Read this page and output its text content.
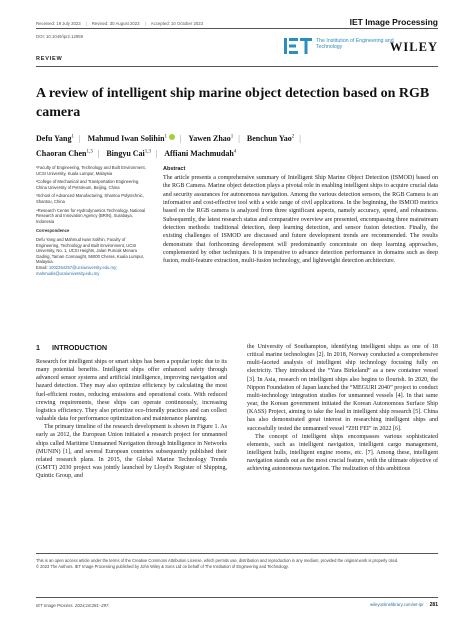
Received: 19 July 2023 | Revised: 30 August 2023 | Accepted: 10 October 2023	IET Image Processing
DOI: 10.1049/ipr2.12959
The Institution of Engineering and Technology	WILEY
REVIEW
A review of intelligent ship marine object detection based on RGB camera
Defu Yang$^1$ | Mahmud Iwan Solihin$^1$ | Yawen Zhao$^1$ | Benchun Yao$^2$ |
Chaoran Chen$^{1,3}$ | Bingyu Cai$^{1,3}$ | Affiani Machmudah$^4$

¹Faculty of Engineering, Technology and Built Environment, UCSI University, Kuala Lumpur, Malaysia

²College of Mechanical and Transportation Engineering, China University of Petroleum, Beijing, China

³School of Advanced Manufacturing, Shantou Polytechnic, Shantou, China

⁴Research Center for Hydrodynamics Technology, National Research and Innovation Agency (BRIN), Surabaya, Indonesia

Correspondence

Defu Yang and Mahmud Iwan Solihin, Faculty of Engineering, Technology and Built Environment, UCSI University, No. 1, UCSI Heights, Jalan Puncak Menara Gading, Taman Connaught, 56000 Cheras, Kuala Lumpur, Malaysia.

Email: 1002264257@ucsiuniversity.edu.my; mahmudis@ucsiuniversity.edu.my

Abstract

The article presents a comprehensive summary of Intelligent Ship Marine Object Detection (ISMOD) based on the RGB Camera. Marine object detection plays a pivotal role in enabling intelligent ships to acquire crucial data and security assurances for autonomous navigation. Among the various detection sensors, the RGB Camera is an informative and cost-effective tool with a wide range of civil applications. In the beginning, the ISMOD metrics based on the RGB camera is analyzed from three significant aspects, namely accuracy, speed, and robustness. Subsequently, the latest research status and comparative overview are presented, encompassing three mainstream detection methods: traditional detection, deep learning detection, and sensor fusion detection. Finally, the existing challenges of ISMOD are discussed and future development trends are recommended. The results demonstrate that forthcoming development will predominantly concentrate on deep learning approaches, complemented by other techniques. It is imperative to advance detection performance in domains such as deep fusion, multi-feature extraction, multi-fusion technology, and lightweight detection architecture.

1 INTRODUCTION

Research for intelligent ships or smart ships has been a popular topic due to its many potential benefits. Intelligent ships offer enhanced safety through advanced sensor systems and artificial intelligence, improving navigation and hazard detection. They may also optimize efficiency by calculating the most fuel-efficient routes, reducing emissions and operational costs. With reduced crewing requirements, these ships can operate continuously, increasing logistics efficiency. They also prioritize eco-friendly practices and can collect valuable data for performance optimization and maintenance planning.

The primary timeline of the research development is shown in Figure 1. As early as 2012, the European Union initiated a research project for unmanned ships called Maritime Unmanned Navigation through Intelligence in Networks (MUNIN) [1], and several European countries subsequently published their related research plans. In 2015, the Global Marine Technology Trends (GMTT) 2030 project was jointly launched by Lloyd's Register of Shipping, Quintic Group, and

the University of Southampton, identifying intelligent ships as one of 18 critical marine technologies [2]. In 2018, Norway conducted a comprehensive multi-faceted analysis of intelligent ship technology focusing fully on electricity. They introduced the “Yara Birkeland” as a new container vessel [3]. In Asia, research on intelligent ships also begins to flourish. In 2020, the Nippon Foundation of Japan launched the “MEGURI 2040” project to conduct multi-technology integration studies for unmanned vessels [4]. In that same year, the Korean government initiated the Korean Autonomous Surface Ship (KASS) Project, aiming to take the lead in intelligent ship research [5]. China has also demonstrated great interest in researching intelligent ships and successfully tested the unmanned vessel “ZHI FEI” in 2022 [6].

The concept of intelligent ships encompasses various sophisticated elements, such as intelligent navigation, intelligent cargo management, intelligent hulls, intelligent engine rooms, etc. [7]. Among these, intelligent navigation stands out as the most crucial feature, with the ultimate objective of achieving autonomous navigation. The realization of this ambitious

This is an open access article under the terms of the Creative Commons Attribution License, which permits use, distribution and reproduction in any medium, provided the original work is properly cited.
© 2023 The Authors. IET Image Processing published by John Wiley & Sons Ltd on behalf of The Institution of Engineering and Technology.
IET Image Process. 2024;18:281–297.	wileyonlinelibrary.com/iet-ipr 281
